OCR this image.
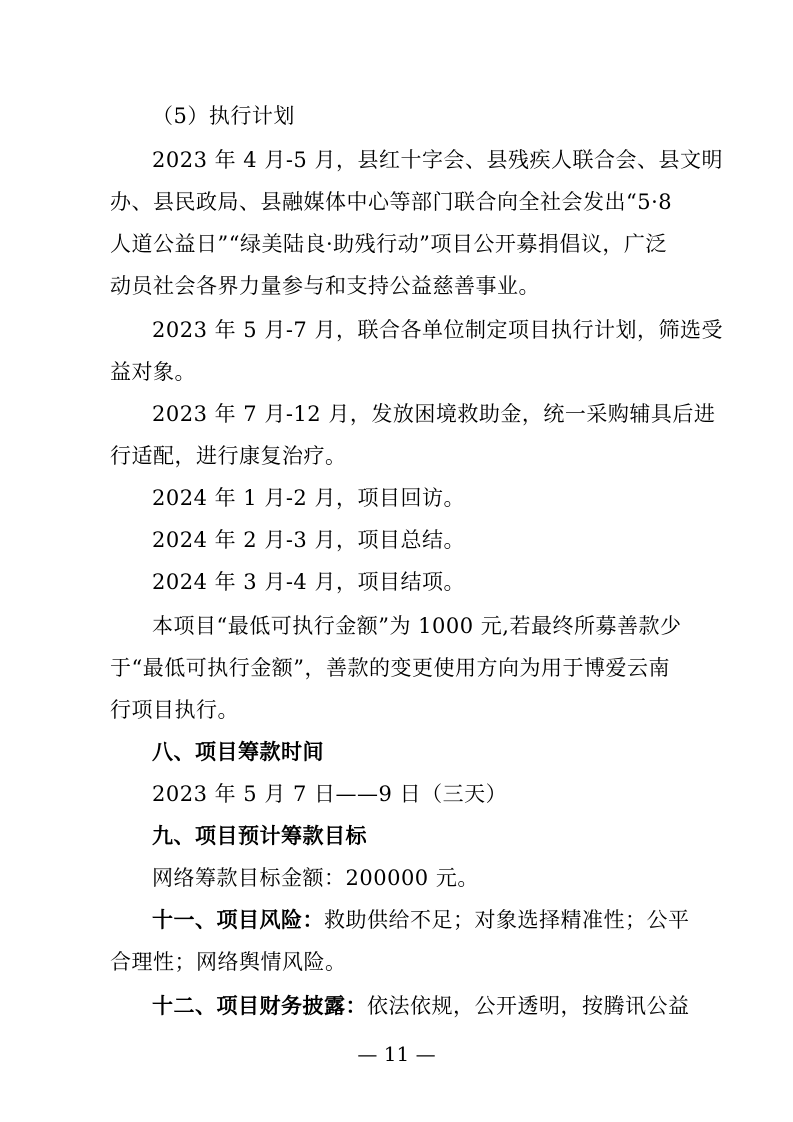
（5）执行计划
2023 年 4 月-5 月，县红十字会、县残疾人联合会、县文明
办、县民政局、县融媒体中心等部门联合向全社会发出“5·8
人道公益日”“绿美陆良·助残行动”项目公开募捐倡议，广泛
动员社会各界力量参与和支持公益慈善事业。
2023 年 5 月-7 月，联合各单位制定项目执行计划，筛选受
益对象。
2023 年 7 月-12 月，发放困境救助金，统一采购辅具后进
行适配，进行康复治疗。
2024 年 1 月-2 月，项目回访。
2024 年 2 月-3 月，项目总结。
2024 年 3 月-4 月，项目结项。
本项目“最低可执行金额”为 1000 元,若最终所募善款少
于“最低可执行金额”，善款的变更使用方向为用于博爱云南
行项目执行。
八、项目筹款时间
2023 年 5 月 7 日——9 日（三天）
九、项目预计筹款目标
网络筹款目标金额：200000 元。
十一、项目风险：救助供给不足；对象选择精准性；公平
合理性；网络舆情风险。
十二、项目财务披露：依法依规，公开透明，按腾讯公益
— 11 —
